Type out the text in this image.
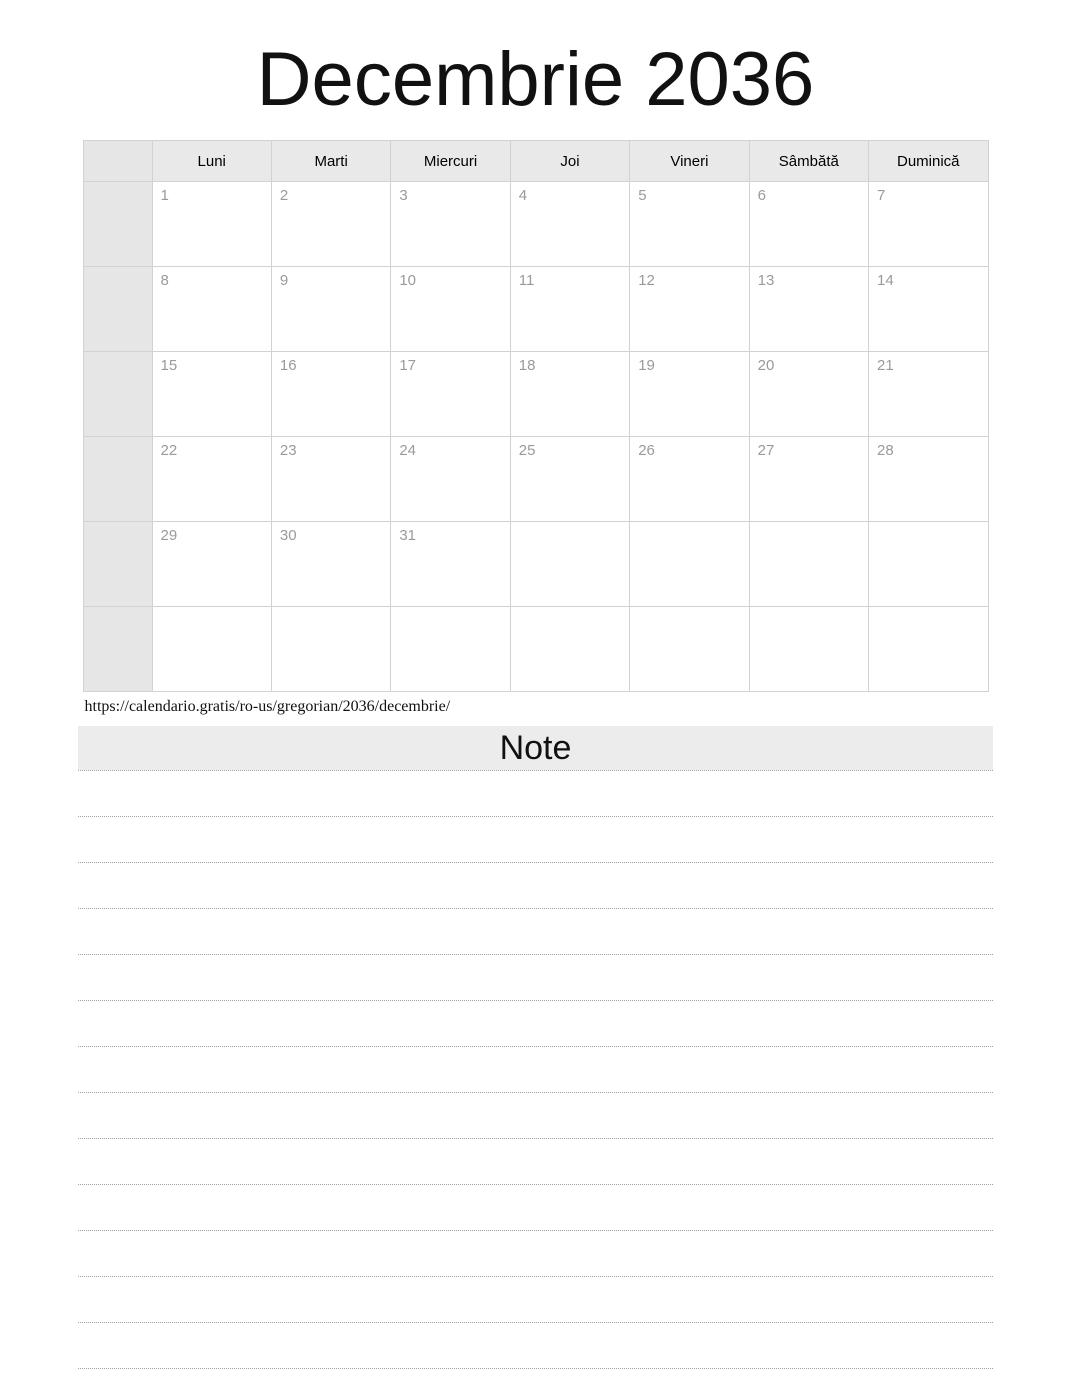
Decembrie 2036
	Luni	Marti	Miercuri	Joi	Vineri	Sâmbătă	Duminică

	1	2	3	4	5	6	7

	8	9	10	11	12	13	14

	15	16	17	18	19	20	21

	22	23	24	25	26	27	28

	29	30	31				

https://calendario.gratis/ro-us/gregorian/2036/decembrie/
Note
